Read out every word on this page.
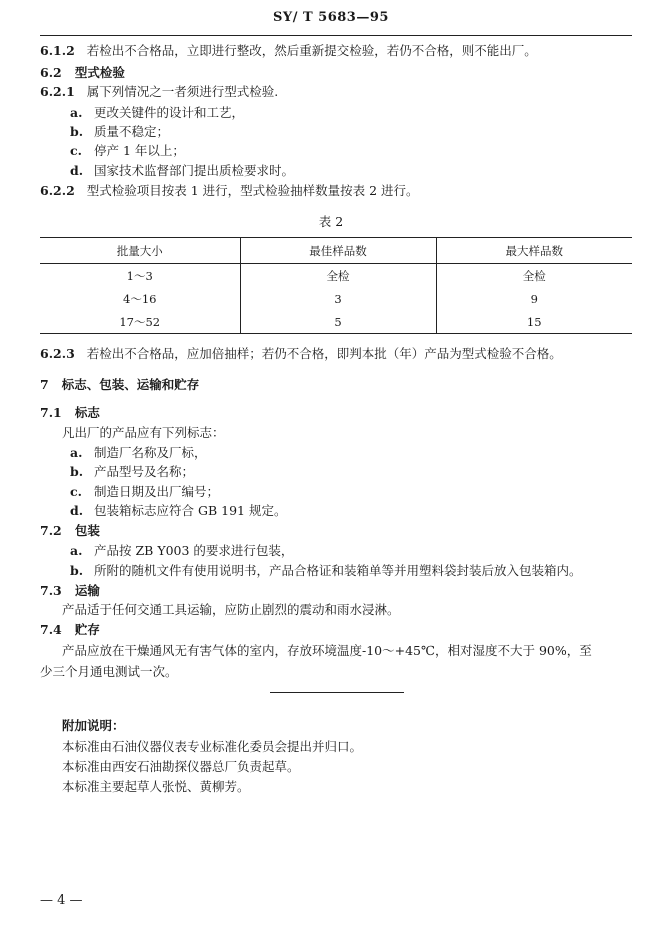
SY/ T 5683—95
6.1.2 若检出不合格品，立即进行整改，然后重新提交检验，若仍不合格，则不能出厂。
6.2 型式检验
6.2.1 属下列情况之一者须进行型式检验.
a. 更改关键件的设计和工艺，
b. 质量不稳定；
c. 停产 1 年以上；
d. 国家技术监督部门提出质检要求时。
6.2.2 型式检验项目按表 1 进行，型式检验抽样数量按表 2 进行。
表 2
批量大小	最佳样品数	最大样品数
1～3	全检	全检
4～16	3	9
17～52	5	15
6.2.3 若检出不合格品，应加倍抽样；若仍不合格，即判本批（年）产品为型式检验不合格。
7 标志、包装、运输和贮存
7.1 标志
凡出厂的产品应有下列标志：
a. 制造厂名称及厂标，
b. 产品型号及名称；
c. 制造日期及出厂编号；
d. 包装箱标志应符合 GB 191 规定。
7.2 包装
a. 产品按 ZB Y003 的要求进行包装，
b. 所附的随机文件有使用说明书，产品合格证和装箱单等并用塑料袋封装后放入包装箱内。
7.3 运输
产品适于任何交通工具运输，应防止剧烈的震动和雨水浸淋。
7.4 贮存
产品应放在干燥通风无有害气体的室内，存放环境温度-10～+45℃，相对湿度不大于 90%，至
少三个月通电测试一次。
附加说明：
本标准由石油仪器仪表专业标准化委员会提出并归口。
本标准由西安石油勘探仪器总厂负责起草。
本标准主要起草人张悦、黄柳芳。
— 4 —
